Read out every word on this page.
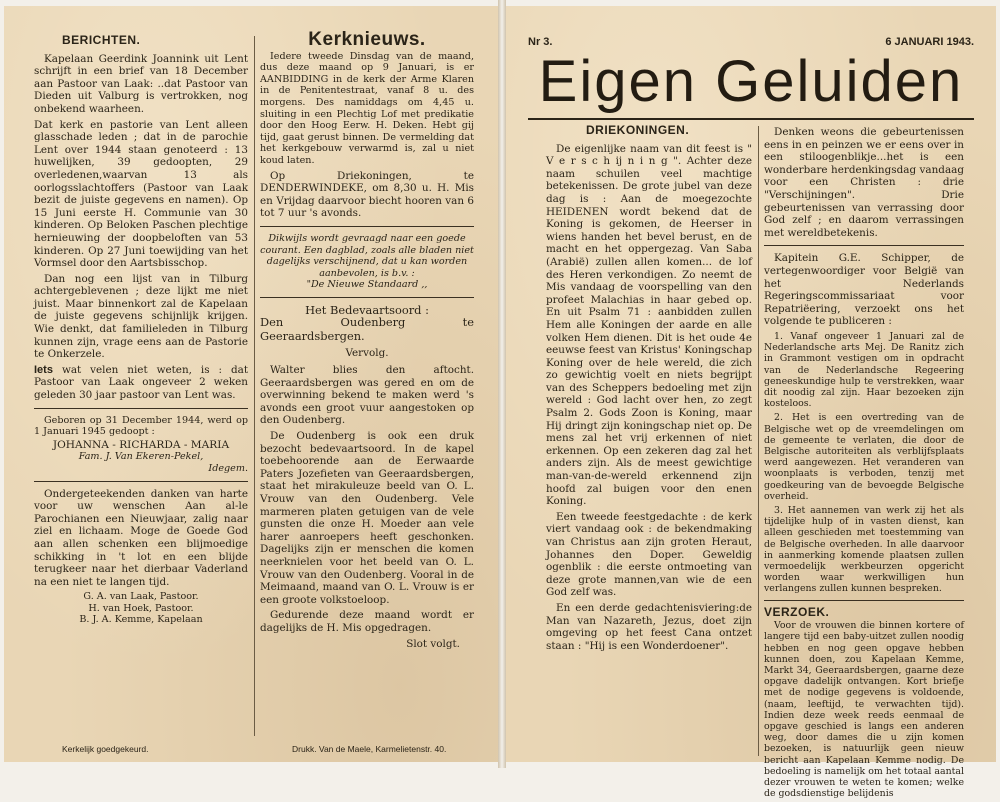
BERICHTEN.

Kapelaan Geerdink Joannink uit Lent schrijft in een brief van 18 December aan Pastoor van Laak: ..dat Pastoor van Dieden uit Valburg is vertrokken, nog onbekend waarheen.

Dat kerk en pastorie van Lent alleen glasschade leden ; dat in de parochie Lent over 1944 staan genoteerd : 13 huwelijken, 39 gedoopten, 29 overledenen,waarvan 13 als oorlogsslachtoffers (Pastoor van Laak bezit de juiste gegevens en namen). Op 15 Juni eerste H. Communie van 30 kinderen. Op Beloken Paschen plechtige hernieuwing der doopbeloften van 53 kinderen. Op 27 Juni toewijding van het Vormsel door den Aartsbisschop.

Dan nog een lijst van in Tilburg achtergeblevenen ; deze lijkt me niet juist. Maar binnenkort zal de Kapelaan de juiste gegevens schijnlijk krijgen. Wie denkt, dat familieleden in Tilburg kunnen zijn, vrage eens aan de Pastorie te Onkerzele.

Iets wat velen niet weten, is : dat Pastoor van Laak ongeveer 2 weken geleden 30 jaar pastoor van Lent was.

Geboren op 31 December 1944, werd op 1 Januari 1945 gedoopt :
JOHANNA - RICHARDA - MARIA
Fam. J. Van Ekeren-Pekel,
Idegem.

Ondergeteekenden danken van harte voor uw wenschen Aan al-le Parochianen een Nieuwjaar, zalig naar ziel en lichaam. Moge de Goede God aan allen schenken een blijmoedige schikking in 't lot en een blijde terugkeer naar het dierbaar Vaderland na een niet te langen tijd.

G. A. van Laak, Pastoor.
H. van Hoek, Pastoor.
B. J. A. Kemme, Kapelaan
Kerknieuws.

Iedere tweede Dinsdag van de maand, dus deze maand op 9 Januari, is er AANBIDDING in de kerk der Arme Klaren in de Penitentestraat, vanaf 8 u. des morgens. Des namiddags om 4,45 u. sluiting in een Plechtig Lof met predikatie door den Hoog Eerw. H. Deken. Hebt gij tijd, gaat gerust binnen. De vermelding dat het kerkgebouw verwarmd is, zal u niet koud laten.

Op Driekoningen, te DENDERWINDEKE, om 8,30 u. H. Mis en Vrijdag daarvoor biecht hooren van 6 tot 7 uur 's avonds.

Dikwijls wordt gevraagd naar een goede courant. Een dagblad, zoals alle bladen niet dagelijks verschijnend, dat u kan worden aanbevolen, is b.v. :
"De Nieuwe Standaard ,,
Het Bedevaartsoord :
Den Oudenberg te Geeraardsbergen.
Vervolg.

Walter blies den aftocht. Geeraardsbergen was gered en om de overwinning bekend te maken werd 's avonds een groot vuur aangestoken op den Oudenberg.

De Oudenberg is ook een druk bezocht bedevaartsoord. In de kapel toebehoorende aan de Eerwaarde Paters Jozefieten van Geeraardsbergen, staat het mirakuleuze beeld van O. L. Vrouw van den Oudenberg. Vele marmeren platen getuigen van de vele gunsten die onze H. Moeder aan vele harer aanroepers heeft geschonken. Dagelijks zijn er menschen die komen neerknielen voor het beeld van O. L. Vrouw van den Oudenberg. Vooral in de Meimaand, maand van O. L. Vrouw is er een groote volkstoeloop.

Gedurende deze maand wordt er dagelijks de H. Mis opgedragen.

Slot volgt.
Kerkelijk goedgekeurd.	Drukk. Van de Maele, Karmelietenstr. 40.
Nr 3.	6 JANUARI 1943.
Eigen Geluiden
DRIEKONINGEN.

De eigenlijke naam van dit feest is " V e r s c h ij n i n g ". Achter deze naam schuilen veel machtige betekenissen. De grote jubel van deze dag is : Aan de moegezochte HEIDENEN wordt bekend dat de Koning is gekomen, de Heerser in wiens handen het bevel berust, en de macht en het oppergezag. Van Saba (Arabië) zullen allen komen... de lof des Heren verkondigen. Zo neemt de Mis vandaag de voorspelling van den profeet Malachias in haar gebed op. En uit Psalm 71 : aanbidden zullen Hem alle Koningen der aarde en alle volken Hem dienen. Dit is het oude 4e eeuwse feest van Kristus' Koningschap Koning over de hele wereld, die zich zo gewichtig voelt en niets begrijpt van des Scheppers bedoeling met zijn wereld : God lacht over hen, zo zegt Psalm 2. Gods Zoon is Koning, maar Hij dringt zijn koningschap niet op. De mens zal het vrij erkennen of niet erkennen. Op een zekeren dag zal het anders zijn. Als de meest gewichtige man-van-de-wereld erkennend zijn hoofd zal buigen voor den enen Koning.

Een tweede feestgedachte : de kerk viert vandaag ook : de bekendmaking van Christus aan zijn groten Heraut, Johannes den Doper. Geweldig ogenblik : die eerste ontmoeting van deze grote mannen,van wie de een God zelf was.

En een derde gedachtenisviering:de Man van Nazareth, Jezus, doet zijn omgeving op het feest Cana ontzet staan : "Hij is een Wonderdoener".

Denken weons die gebeurtenissen eens in en peinzen we er eens over in een stiloogenblikje...het is een wonderbare herdenkingsdag vandaag voor een Christen : drie "Verschijningen". Drie gebeurtenissen van verrassing door God zelf ; en daarom verrassingen met wereldbetekenis.

Kapitein G.E. Schipper, de vertegenwoordiger voor België van het Nederlands Regeringscommissariaat voor Repatriëering, verzoekt ons het volgende te publiceren :

1. Vanaf ongeveer 1 Januari zal de Nederlandsche arts Mej. De Ranitz zich in Grammont vestigen om in opdracht van de Nederlandsche Regeering geneeskundige hulp te verstrekken, waar dit noodig zal zijn. Haar bezoeken zijn kosteloos.
2. Het is een overtreding van de Belgische wet op de vreemdelingen om de gemeente te verlaten, die door de Belgische autoriteiten als verblijfsplaats werd aangewezen. Het veranderen van woonplaats is verboden, tenzij met goedkeuring van de bevoegde Belgische overheid.
3. Het aannemen van werk zij het als tijdelijke hulp of in vasten dienst, kan alleen geschieden met toestemming van de Belgische overheden. In alle daarvoor in aanmerking komende plaatsen zullen vermoedelijk werkbeurzen opgericht worden waar werkwilligen hun verlangens zullen kunnen bespreken.
VERZOEK.
Voor de vrouwen die binnen kortere of langere tijd een baby-uitzet zullen noodig hebben en nog geen opgave hebben kunnen doen, zou Kapelaan Kemme, Markt 34, Geeraardsbergen, gaarne deze opgave dadelijk ontvangen. Kort briefje met de nodige gegevens is voldoende, (naam, leeftijd, te verwachten tijd). Indien deze week reeds eenmaal de opgave geschied is langs een anderen weg, door dames die u zijn komen bezoeken, is natuurlijk geen nieuw bericht aan Kapelaan Kemme nodig. De bedoeling is namelijk om het totaal aantal dezer vrouwen te weten te komen; welke de godsdienstige belijdenis
